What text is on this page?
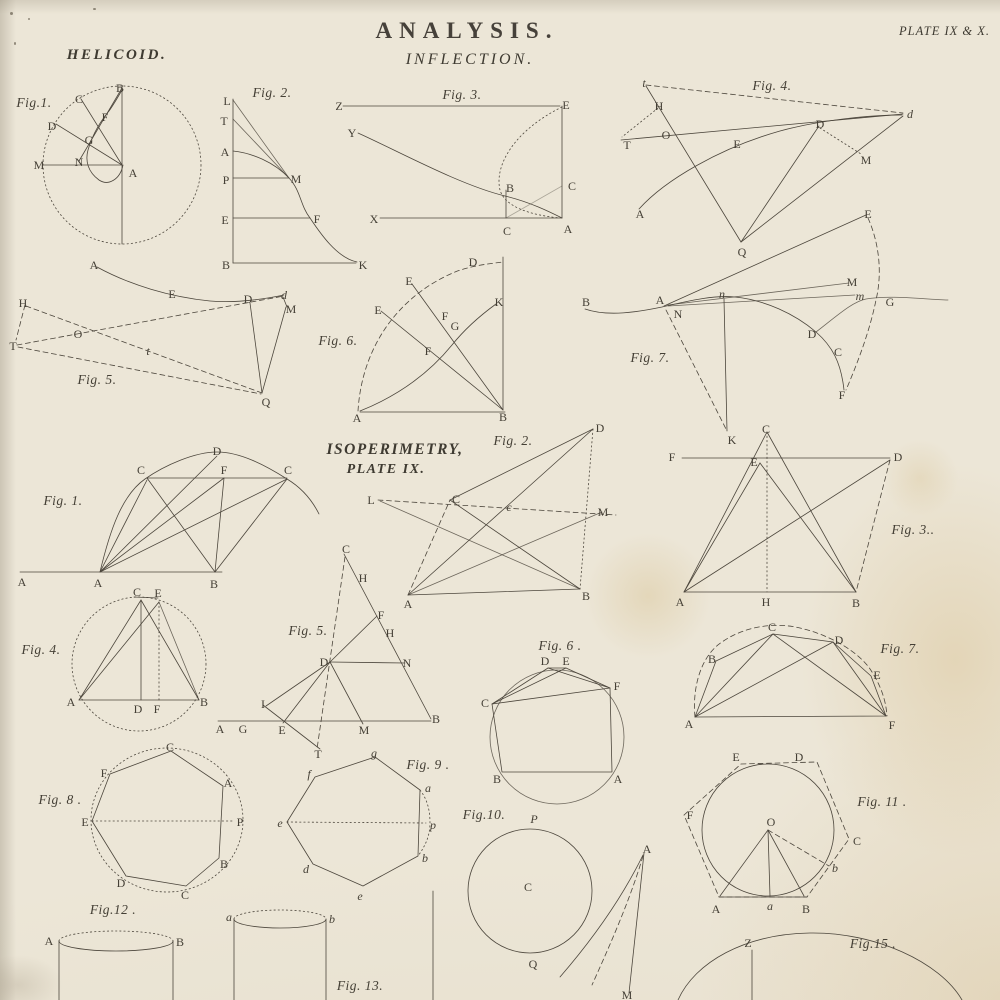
ANALYSIS.
INFLECTION.
PLATE IX & X.
HELICOID.
ISOPERIMETRY,
PLATE IX.
Fig.1.
B
C
D
F
G
M	N
A
Fig. 2.
L
T
A
P
E
B
M
F
K
Fig. 3.
Z	E
Y
B	C
X
C	A
Fig. 4.
t
H
O
T	E
D
d
M
A
Q
Fig. 5.
A
E	D d
M
H
T
O
t
Q
Fig. 6.
A	B
D
E
E	F
G
F
K
Fig. 7.
B	A
N
n
M
m G
E
D
C
F
K
Fig. 1.
A	A	B
C
D
F	C
Fig. 2.
D
L	C
c	M
A
B
Fig. 3..
C
F	E	D
A	H	B
Fig. 4.
C E
A	D F	B
Fig. 5.
C
H
F
H
D	N
I
A G	E	M
B
T
Fig. 6 .
D E
F
C
B	A
Fig. 7.
C
D
B
E
A	F
Fig. 8 .
C
F
A
E	P
B
D
C
Fig. 9 .
g
f
a
e	p
b
d
e
Fig.10. P
C
Q
Fig. 11 .
F	O
C
E	D
A	a
b
B
Fig.12 .
A	B
Fig. 13.
a	b
A
M
Fig.15 .
Z
